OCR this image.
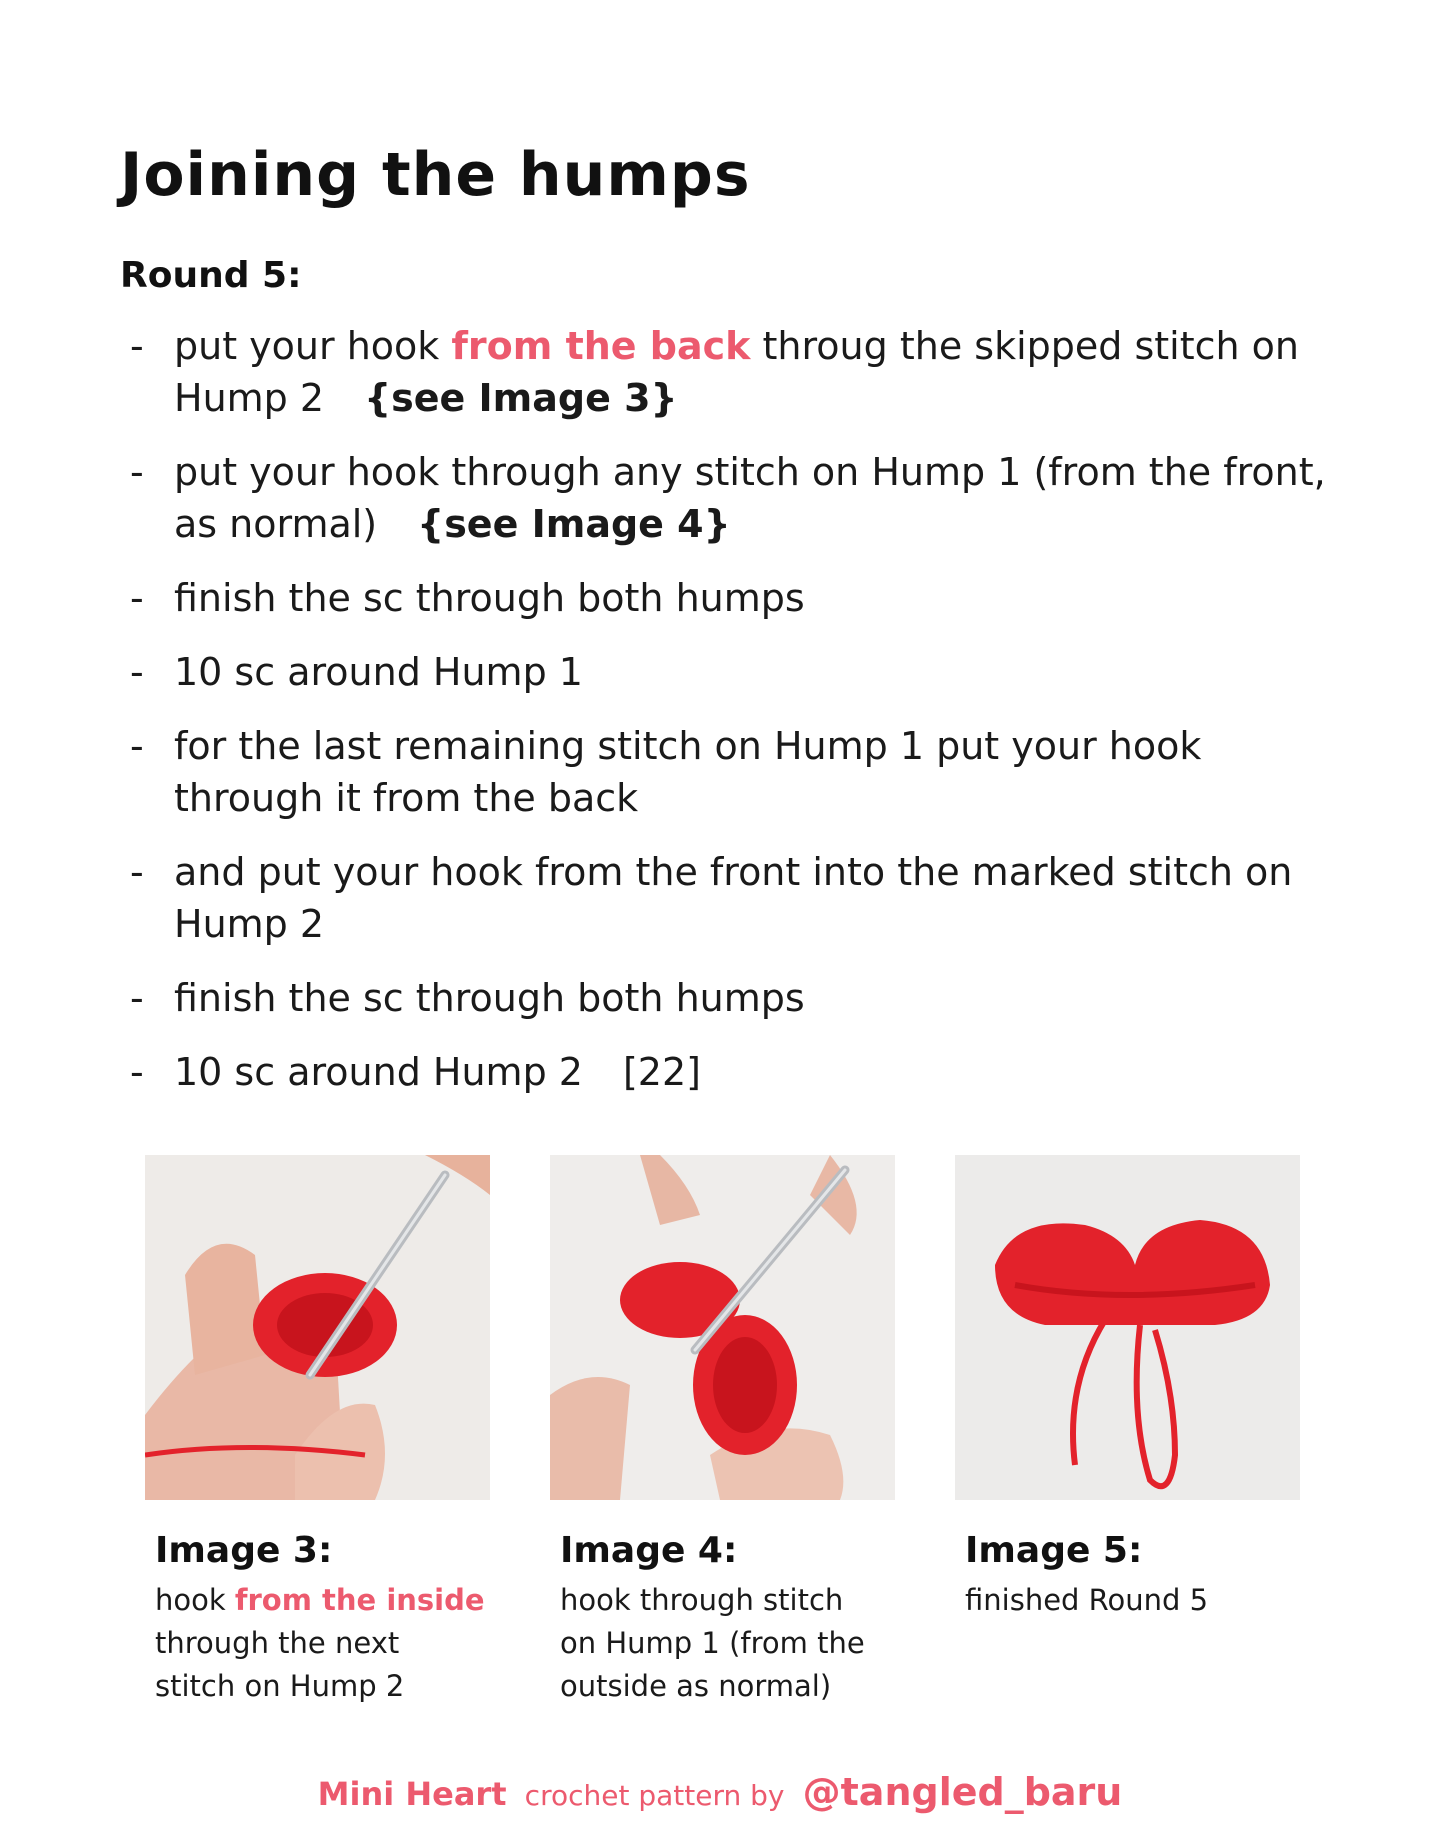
Joining the humps
Round 5:
- put your hook from the back throug the skipped stitch on Hump 2 {see Image 3}
- put your hook through any stitch on Hump 1 (from the front, as normal) {see Image 4}
- finish the sc through both humps
- 10 sc around Hump 1
- for the last remaining stitch on Hump 1 put your hook through it from the back
- and put your hook from the front into the marked stitch on Hump 2
- finish the sc through both humps
- 10 sc around Hump 2 [22]
Image 3:
hook from the inside
through the next
stitch on Hump 2
Image 4:
hook through stitch
on Hump 1 (from the
outside as normal)
Image 5:
finished Round 5
Mini Heart crochet pattern by @tangled_baru
